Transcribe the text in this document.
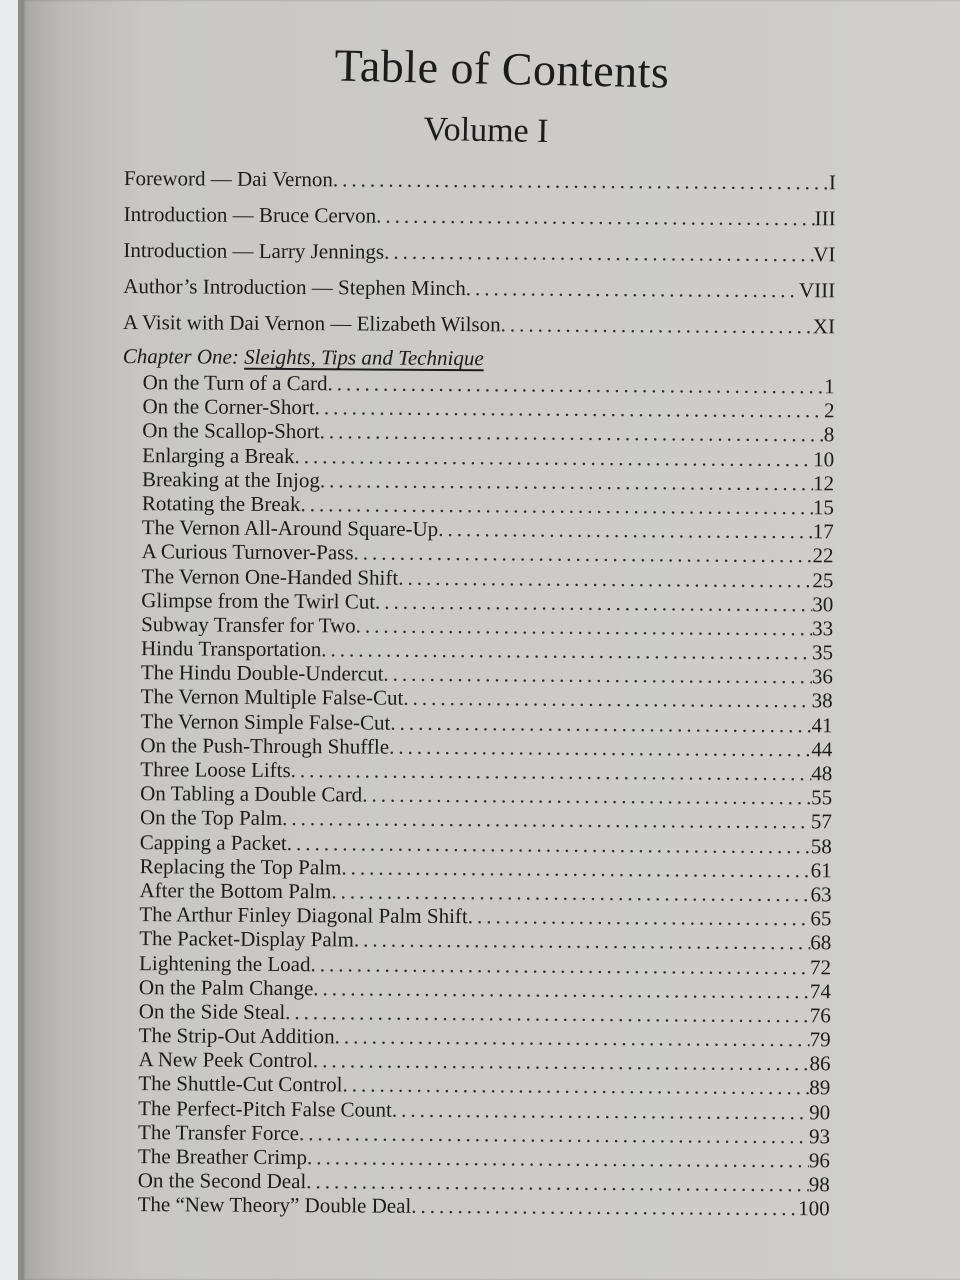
Table of Contents
Volume I
Foreword — Dai Vernon .....	I
Introduction — Bruce Cervon .....	III
Introduction — Larry Jennings .....	VI
Author’s Introduction — Stephen Minch .....	VIII
A Visit with Dai Vernon — Elizabeth Wilson .....	XI
Chapter One: Sleights, Tips and Technique
On the Turn of a Card .....	1
On the Corner-Short .....	2
On the Scallop-Short .....	8
Enlarging a Break .....	10
Breaking at the Injog .....	12
Rotating the Break .....	15
The Vernon All-Around Square-Up .....	17
A Curious Turnover-Pass .....	22
The Vernon One-Handed Shift .....	25
Glimpse from the Twirl Cut .....	30
Subway Transfer for Two .....	33
Hindu Transportation .....	35
The Hindu Double-Undercut .....	36
The Vernon Multiple False-Cut .....	38
The Vernon Simple False-Cut .....	41
On the Push-Through Shuffle .....	44
Three Loose Lifts .....	48
On Tabling a Double Card .....	55
On the Top Palm .....	57
Capping a Packet .....	58
Replacing the Top Palm .....	61
After the Bottom Palm .....	63
The Arthur Finley Diagonal Palm Shift .....	65
The Packet-Display Palm .....	68
Lightening the Load .....	72
On the Palm Change .....	74
On the Side Steal .....	76
The Strip-Out Addition .....	79
A New Peek Control .....	86
The Shuttle-Cut Control .....	89
The Perfect-Pitch False Count .....	90
The Transfer Force .....	93
The Breather Crimp .....	96
On the Second Deal .....	98
The “New Theory” Double Deal .....	100
